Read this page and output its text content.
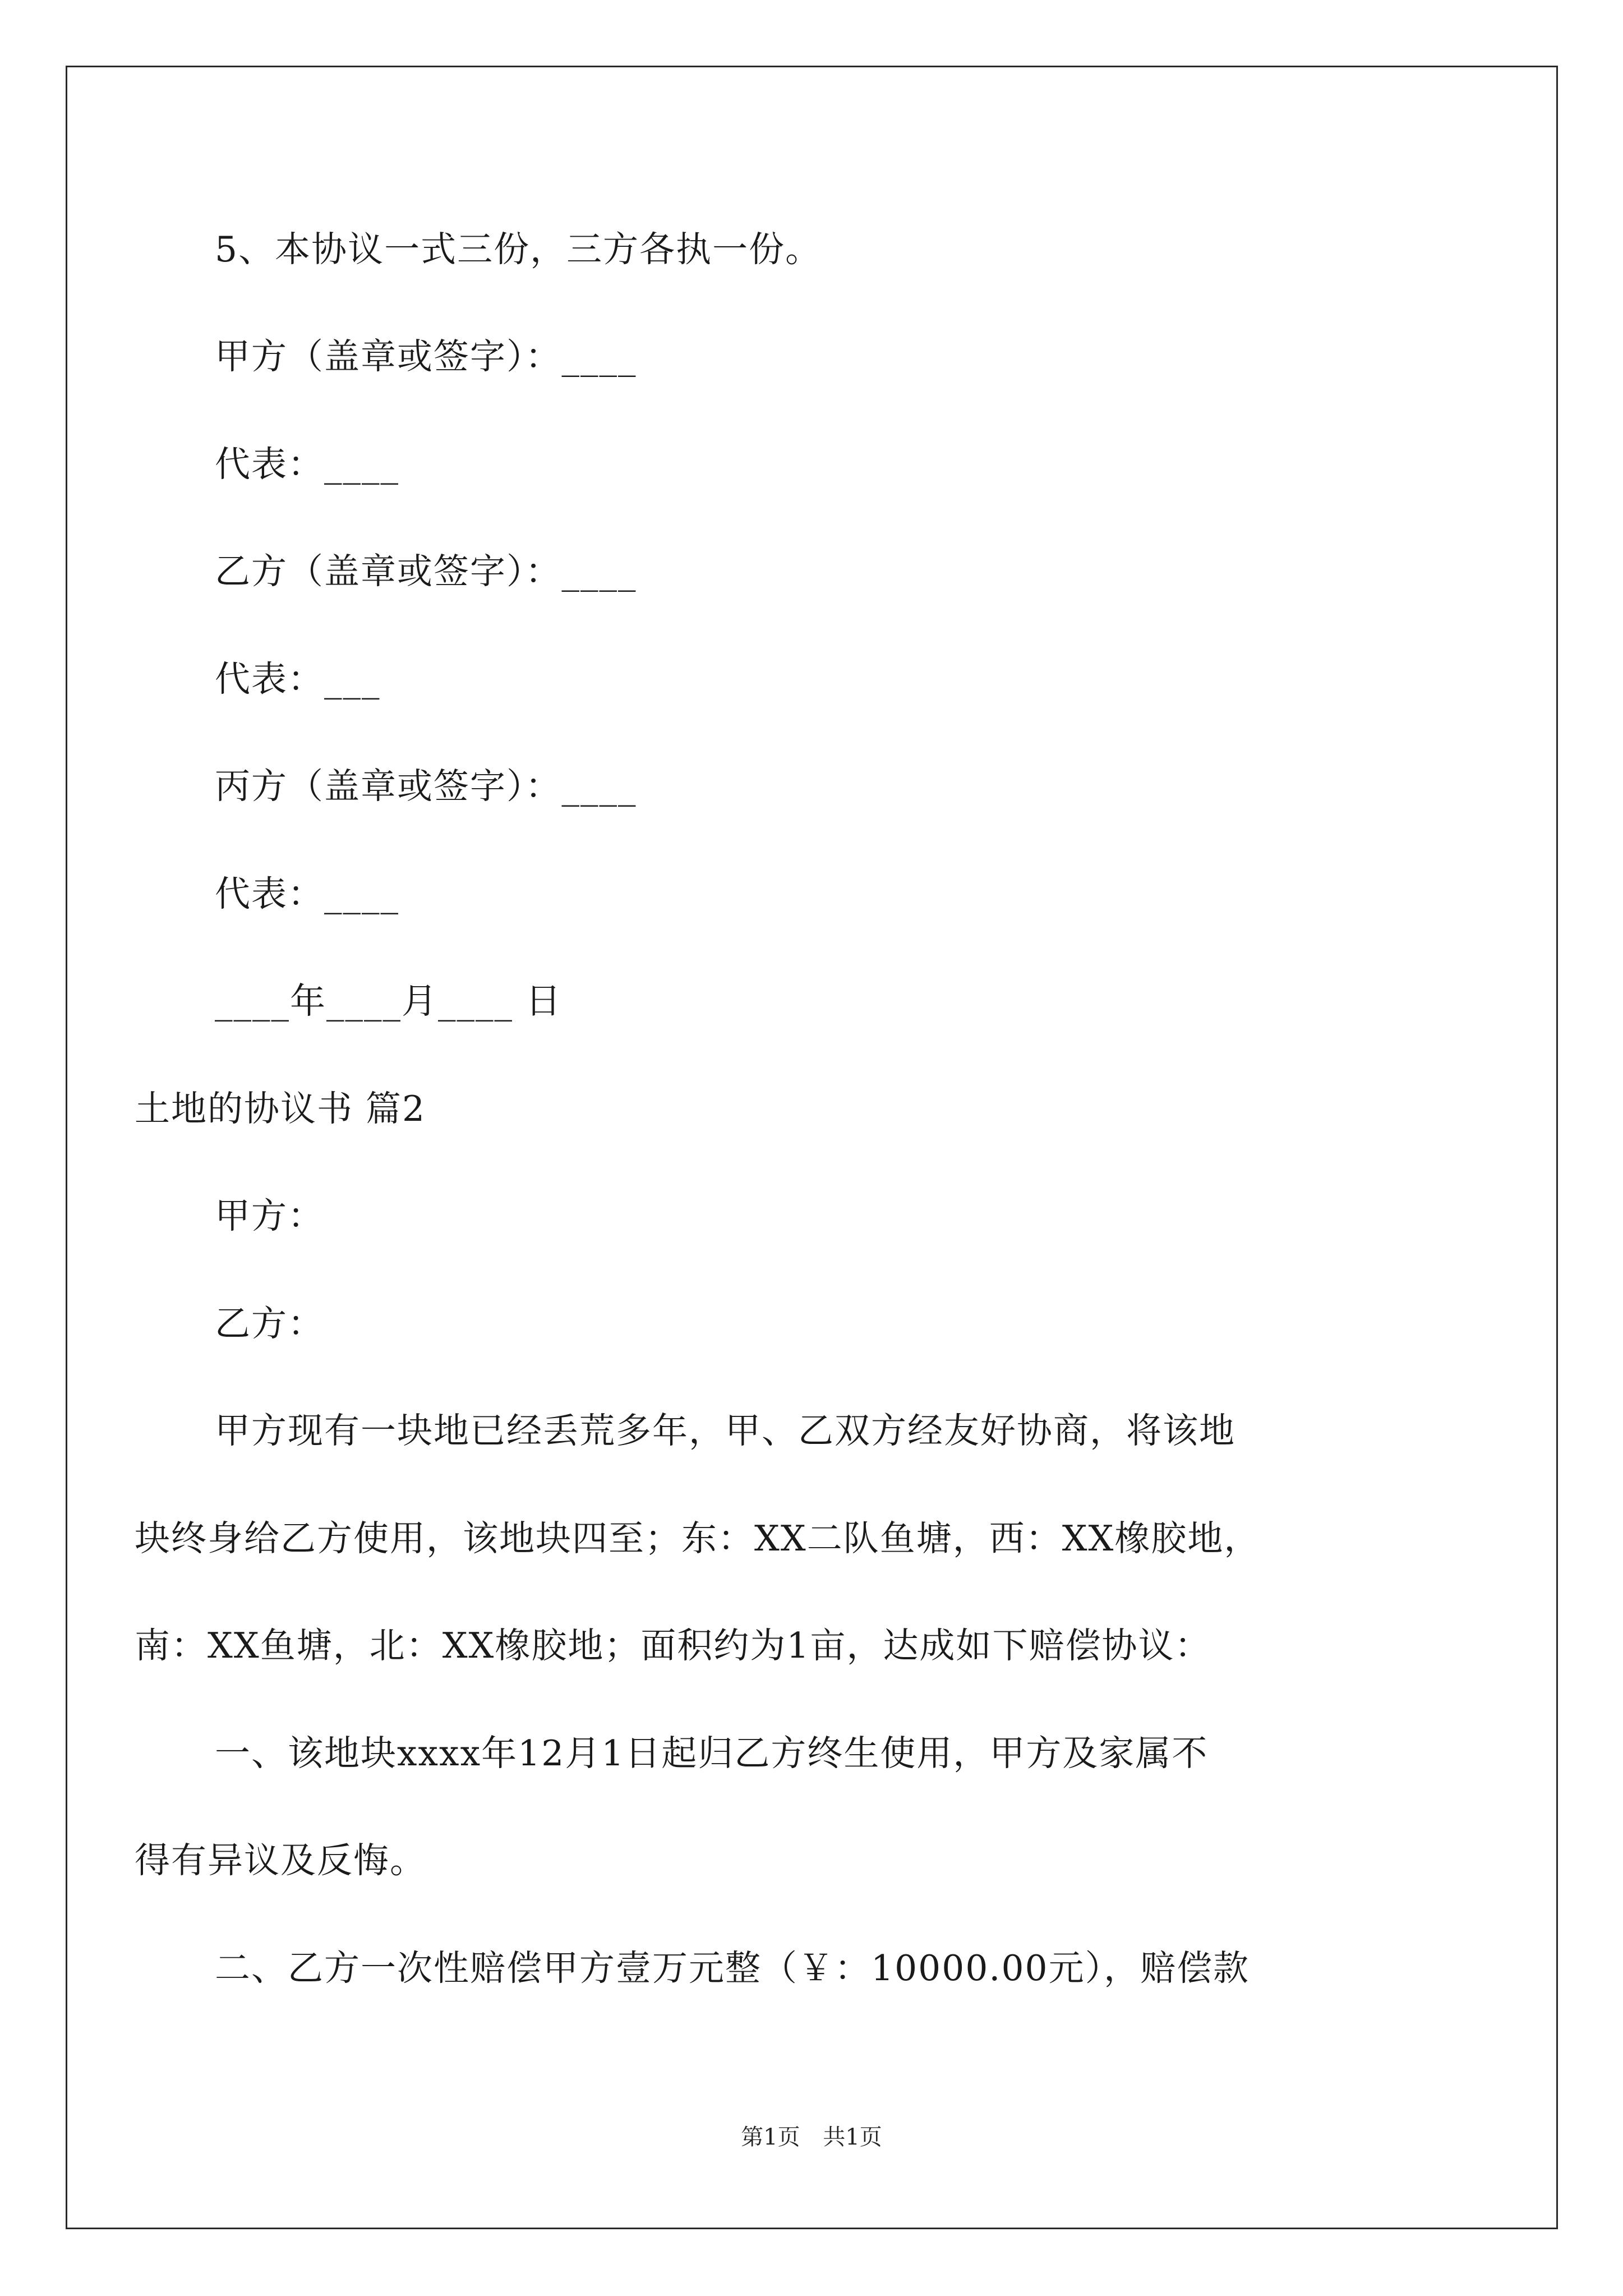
5、本协议一式三份，三方各执一份。
甲方（盖章或签字）：____
代表：____
乙方（盖章或签字）：____
代表：___
丙方（盖章或签字）：____
代表：____
____年____月____ 日
土地的协议书 篇2
甲方：
乙方：
甲方现有一块地已经丢荒多年，甲、乙双方经友好协商，将该地
块终身给乙方使用，该地块四至；东：XX二队鱼塘，西：XX橡胶地，
南：XX鱼塘，北：XX橡胶地；面积约为1亩，达成如下赔偿协议：
一、该地块xxxx年12月1日起归乙方终生使用，甲方及家属不
得有异议及反悔。
二、乙方一次性赔偿甲方壹万元整（￥：10000.00元），赔偿款
第1页 共1页
